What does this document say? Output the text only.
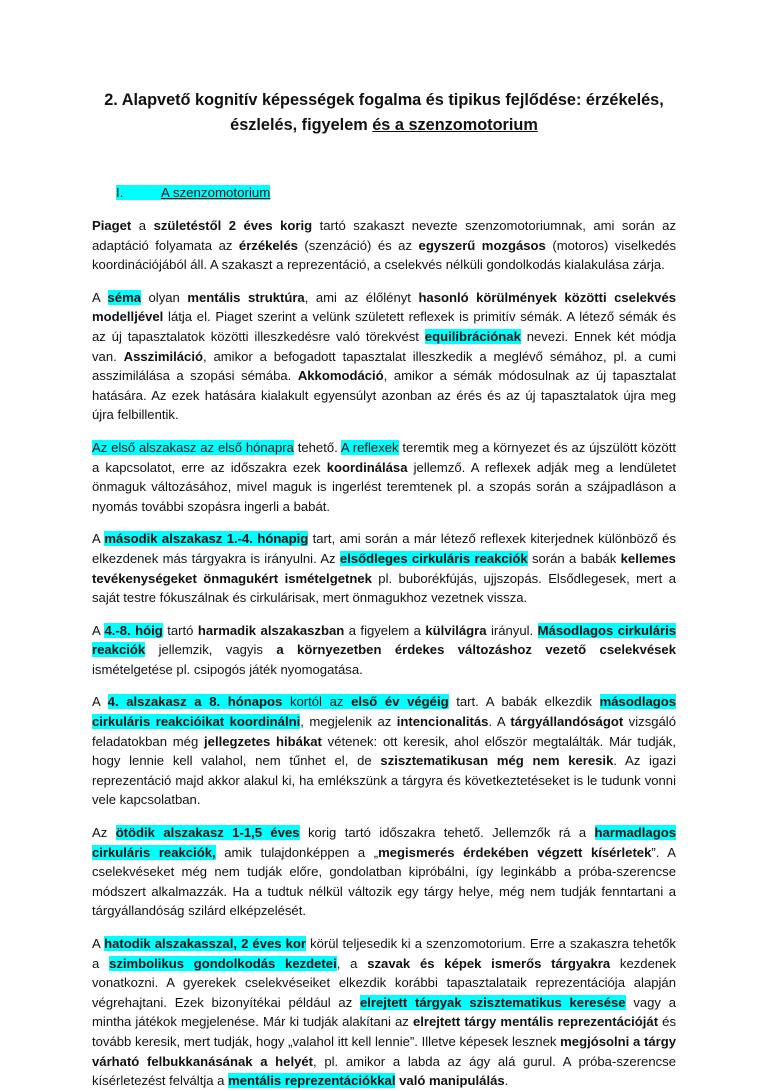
2. Alapvető kognitív képességek fogalma és tipikus fejlődése: érzékelés,
észlelés, figyelem és a szenzomotorium
I.	A szenzomotorium

Piaget a születéstől 2 éves korig tartó szakaszt nevezte szenzomotoriumnak, ami során az adaptáció folyamata az érzékelés (szenzáció) és az egyszerű mozgásos (motoros) viselkedés koordinációjából áll. A szakaszt a reprezentáció, a cselekvés nélküli gondolkodás kialakulása zárja.

A séma olyan mentális struktúra, ami az élőlényt hasonló körülmények közötti cselekvés modelljével látja el. Piaget szerint a velünk született reflexek is primitív sémák. A létező sémák és az új tapasztalatok közötti illeszkedésre való törekvést equilibrációnak nevezi. Ennek két módja van. Asszimiláció, amikor a befogadott tapasztalat illeszkedik a meglévő sémához, pl. a cumi asszimilálása a szopási sémába. Akkomodáció, amikor a sémák módosulnak az új tapasztalat hatására. Az ezek hatására kialakult egyensúlyt azonban az érés és az új tapasztalatok újra meg újra felbillentik.

Az első alszakasz az első hónapra tehető. A reflexek teremtik meg a környezet és az újszülött között a kapcsolatot, erre az időszakra ezek koordinálása jellemző. A reflexek adják meg a lendületet önmaguk változásához, mivel maguk is ingerlést teremtenek pl. a szopás során a szájpadláson a nyomás további szopásra ingerli a babát.

A második alszakasz 1.-4. hónapig tart, ami során a már létező reflexek kiterjednek különböző és elkezdenek más tárgyakra is irányulni. Az elsődleges cirkuláris reakciók során a babák kellemes tevékenységeket önmagukért ismételgetnek pl. buborékfújás, ujjszopás. Elsődlegesek, mert a saját testre fókuszálnak és cirkulárisak, mert önmagukhoz vezetnek vissza.

A 4.-8. hóig tartó harmadik alszakaszban a figyelem a külvilágra irányul. Másodlagos cirkuláris reakciók jellemzik, vagyis a környezetben érdekes változáshoz vezető cselekvések ismételgetése pl. csipogós játék nyomogatása.

A 4. alszakasz a 8. hónapos kortól az első év végéig tart. A babák elkezdik másodlagos cirkuláris reakcióikat koordinálni, megjelenik az intencionalitás. A tárgyállandóságot vizsgáló feladatokban még jellegzetes hibákat vétenek: ott keresik, ahol először megtalálták. Már tudják, hogy lennie kell valahol, nem tűnhet el, de szisztematikusan még nem keresik. Az igazi reprezentáció majd akkor alakul ki, ha emlékszünk a tárgyra és következtetéseket is le tudunk vonni vele kapcsolatban.

Az ötödik alszakasz 1-1,5 éves korig tartó időszakra tehető. Jellemzők rá a harmadlagos cirkuláris reakciók, amik tulajdonképpen a „megismerés érdekében végzett kísérletek”. A cselekvéseket még nem tudják előre, gondolatban kipróbálni, így leginkább a próba-szerencse módszert alkalmazzák. Ha a tudtuk nélkül változik egy tárgy helye, még nem tudják fenntartani a tárgyállandóság szilárd elképzelését.

A hatodik alszakasszal, 2 éves kor körül teljesedik ki a szenzomotorium. Erre a szakaszra tehetők a szimbolikus gondolkodás kezdetei, a szavak és képek ismerős tárgyakra kezdenek vonatkozni. A gyerekek cselekvéseiket elkezdik korábbi tapasztalataik reprezentációja alapján végrehajtani. Ezek bizonyítékai például az elrejtett tárgyak szisztematikus keresése vagy a mintha játékok megjelenése. Már ki tudják alakítani az elrejtett tárgy mentális reprezentációját és tovább keresik, mert tudják, hogy „valahol itt kell lennie”. Illetve képesek lesznek megjósolni a tárgy várható felbukkanásának a helyét, pl. amikor a labda az ágy alá gurul. A próba-szerencse kísérletezést felváltja a mentális reprezentációkkal való manipulálás.
